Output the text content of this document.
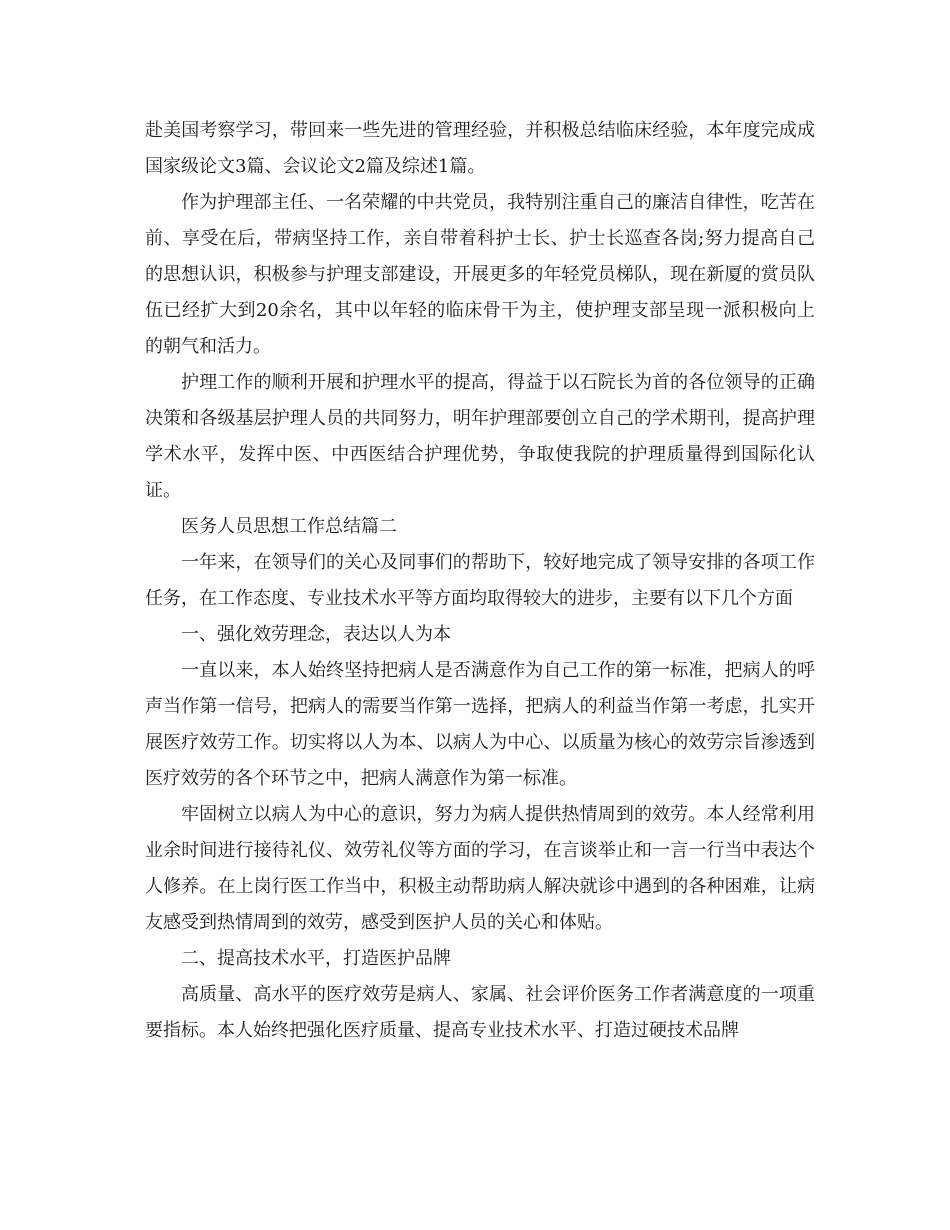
赴美国考察学习，带回来一些先进的管理经验，并积极总结临床经验，本年度完成成国家级论文3篇、会议论文2篇及综述1篇。

作为护理部主任、一名荣耀的中共党员，我特别注重自己的廉洁自律性，吃苦在前、享受在后，带病坚持工作，亲自带着科护士长、护士长巡查各岗;努力提高自己的思想认识，积极参与护理支部建设，开展更多的年轻党员梯队，现在新厦的赏员队伍已经扩大到20余名，其中以年轻的临床骨干为主，使护理支部呈现一派积极向上的朝气和活力。

护理工作的顺利开展和护理水平的提高，得益于以石院长为首的各位领导的正确决策和各级基层护理人员的共同努力，明年护理部要创立自己的学术期刊，提高护理学术水平，发挥中医、中西医结合护理优势，争取使我院的护理质量得到国际化认证。

医务人员思想工作总结篇二

一年来，在领导们的关心及同事们的帮助下，较好地完成了领导安排的各项工作任务，在工作态度、专业技术水平等方面均取得较大的进步，主要有以下几个方面

一、强化效劳理念，表达以人为本

一直以来，本人始终坚持把病人是否满意作为自己工作的第一标准，把病人的呼声当作第一信号，把病人的需要当作第一选择，把病人的利益当作第一考虑，扎实开展医疗效劳工作。切实将以人为本、以病人为中心、以质量为核心的效劳宗旨渗透到医疗效劳的各个环节之中，把病人满意作为第一标准。

牢固树立以病人为中心的意识，努力为病人提供热情周到的效劳。本人经常利用业余时间进行接待礼仪、效劳礼仪等方面的学习，在言谈举止和一言一行当中表达个人修养。在上岗行医工作当中，积极主动帮助病人解决就诊中遇到的各种困难，让病友感受到热情周到的效劳，感受到医护人员的关心和体贴。

二、提高技术水平，打造医护品牌

高质量、高水平的医疗效劳是病人、家属、社会评价医务工作者满意度的一项重要指标。本人始终把强化医疗质量、提高专业技术水平、打造过硬技术品牌
